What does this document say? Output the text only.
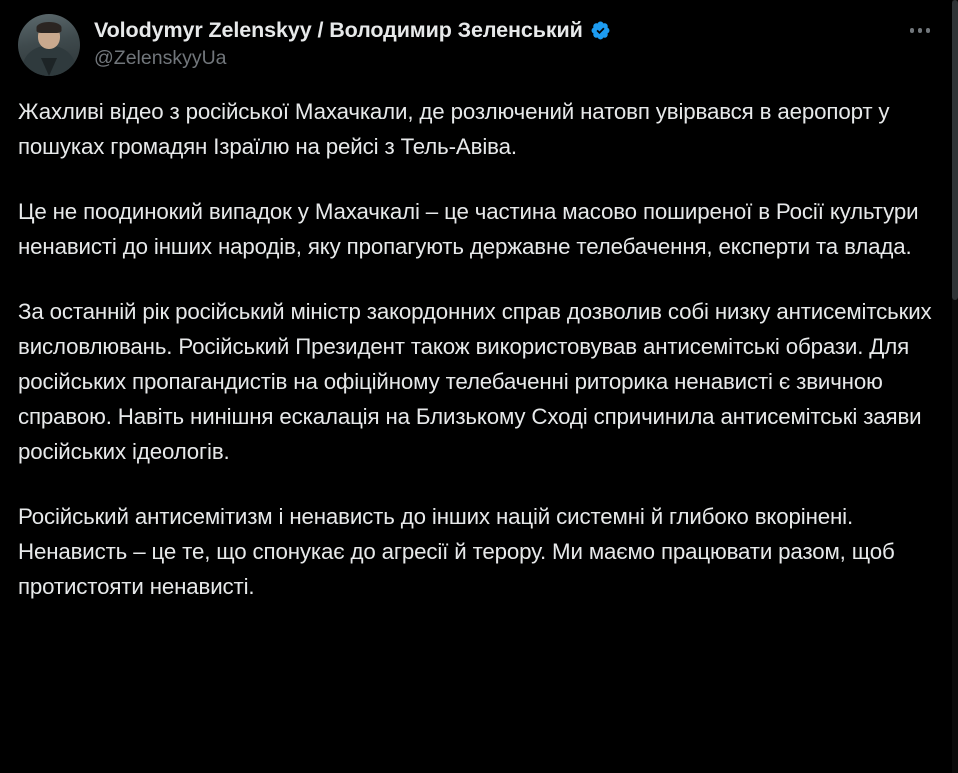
Volodymyr Zelenskyy / Володимир Зеленський
@ZelenskyyUa

Жахливі відео з російської Махачкали, де розлючений натовп увірвався в аеропорт у пошуках громадян Ізраїлю на рейсі з Тель-Авіва.

Це не поодинокий випадок у Махачкалі – це частина масово поширеної в Росії культури ненависті до інших народів, яку пропагують державне телебачення, експерти та влада.

За останній рік російський міністр закордонних справ дозволив собі низку антисемітських висловлювань. Російський Президент також використовував антисемітські образи. Для російських пропагандистів на офіційному телебаченні риторика ненависті є звичною справою. Навіть нинішня ескалація на Близькому Сході спричинила антисемітські заяви російських ідеологів.

Російський антисемітизм і ненависть до інших націй системні й глибоко вкорінені. Ненависть – це те, що спонукає до агресії й терору. Ми маємо працювати разом, щоб протистояти ненависті.
